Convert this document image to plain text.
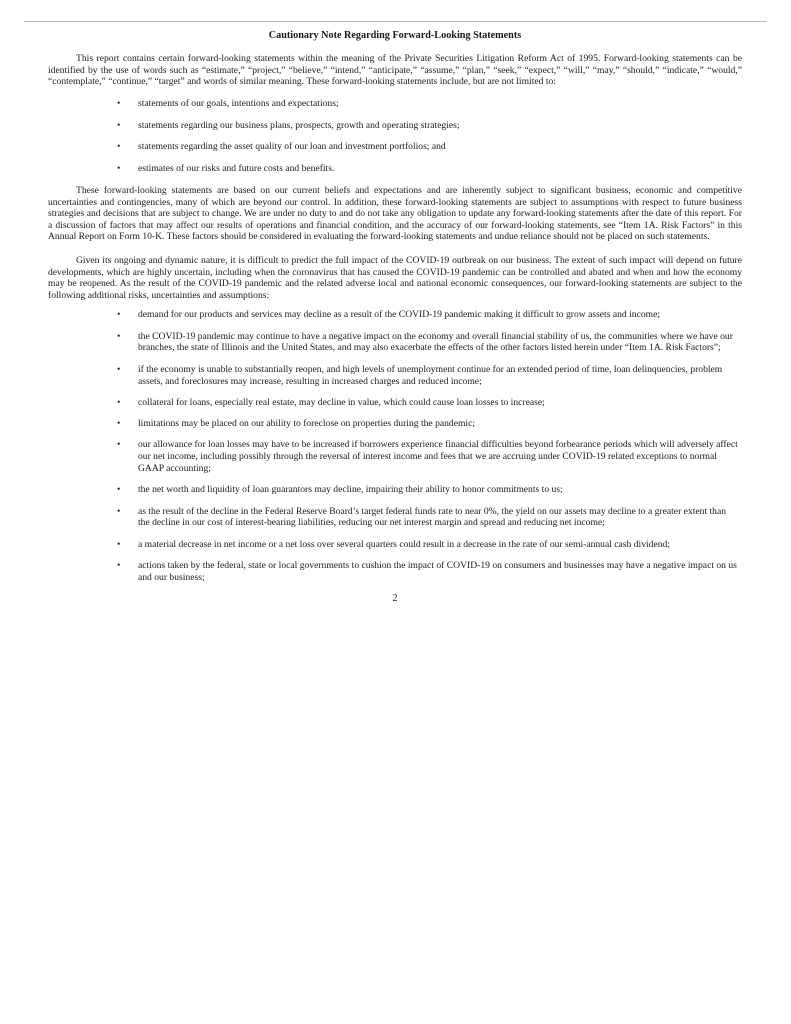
Cautionary Note Regarding Forward-Looking Statements

This report contains certain forward-looking statements within the meaning of the Private Securities Litigation Reform Act of 1995. Forward-looking statements can be identified by the use of words such as “estimate,” “project,” “believe,” “intend,” “anticipate,” “assume,” “plan,” “seek,” “expect,” “will,” “may,” “should,” “indicate,” “would,” “contemplate,” “continue,” “target” and words of similar meaning. These forward-looking statements include, but are not limited to:

• statements of our goals, intentions and expectations;
• statements regarding our business plans, prospects, growth and operating strategies;
• statements regarding the asset quality of our loan and investment portfolios; and
• estimates of our risks and future costs and benefits.

These forward-looking statements are based on our current beliefs and expectations and are inherently subject to significant business, economic and competitive uncertainties and contingencies, many of which are beyond our control. In addition, these forward-looking statements are subject to assumptions with respect to future business strategies and decisions that are subject to change. We are under no duty to and do not take any obligation to update any forward-looking statements after the date of this report. For a discussion of factors that may affect our results of operations and financial condition, and the accuracy of our forward-looking statements, see “Item 1A. Risk Factors” in this Annual Report on Form 10-K. These factors should be considered in evaluating the forward-looking statements and undue reliance should not be placed on such statements.

Given its ongoing and dynamic nature, it is difficult to predict the full impact of the COVID-19 outbreak on our business. The extent of such impact will depend on future developments, which are highly uncertain, including when the coronavirus that has caused the COVID-19 pandemic can be controlled and abated and when and how the economy may be reopened. As the result of the COVID-19 pandemic and the related adverse local and national economic consequences, our forward-looking statements are subject to the following additional risks, uncertainties and assumptions:

• demand for our products and services may decline as a result of the COVID-19 pandemic making it difficult to grow assets and income;
• the COVID-19 pandemic may continue to have a negative impact on the economy and overall financial stability of us, the communities where we have our branches, the state of Illinois and the United States, and may also exacerbate the effects of the other factors listed herein under “Item 1A. Risk Factors”;
• if the economy is unable to substantially reopen, and high levels of unemployment continue for an extended period of time, loan delinquencies, problem assets, and foreclosures may increase, resulting in increased charges and reduced income;
• collateral for loans, especially real estate, may decline in value, which could cause loan losses to increase;
• limitations may be placed on our ability to foreclose on properties during the pandemic;
• our allowance for loan losses may have to be increased if borrowers experience financial difficulties beyond forbearance periods which will adversely affect our net income, including possibly through the reversal of interest income and fees that we are accruing under COVID-19 related exceptions to normal GAAP accounting;
• the net worth and liquidity of loan guarantors may decline, impairing their ability to honor commitments to us;
• as the result of the decline in the Federal Reserve Board’s target federal funds rate to near 0%, the yield on our assets may decline to a greater extent than the decline in our cost of interest-bearing liabilities, reducing our net interest margin and spread and reducing net income;
• a material decrease in net income or a net loss over several quarters could result in a decrease in the rate of our semi-annual cash dividend;
• actions taken by the federal, state or local governments to cushion the impact of COVID-19 on consumers and businesses may have a negative impact on us and our business;
2
